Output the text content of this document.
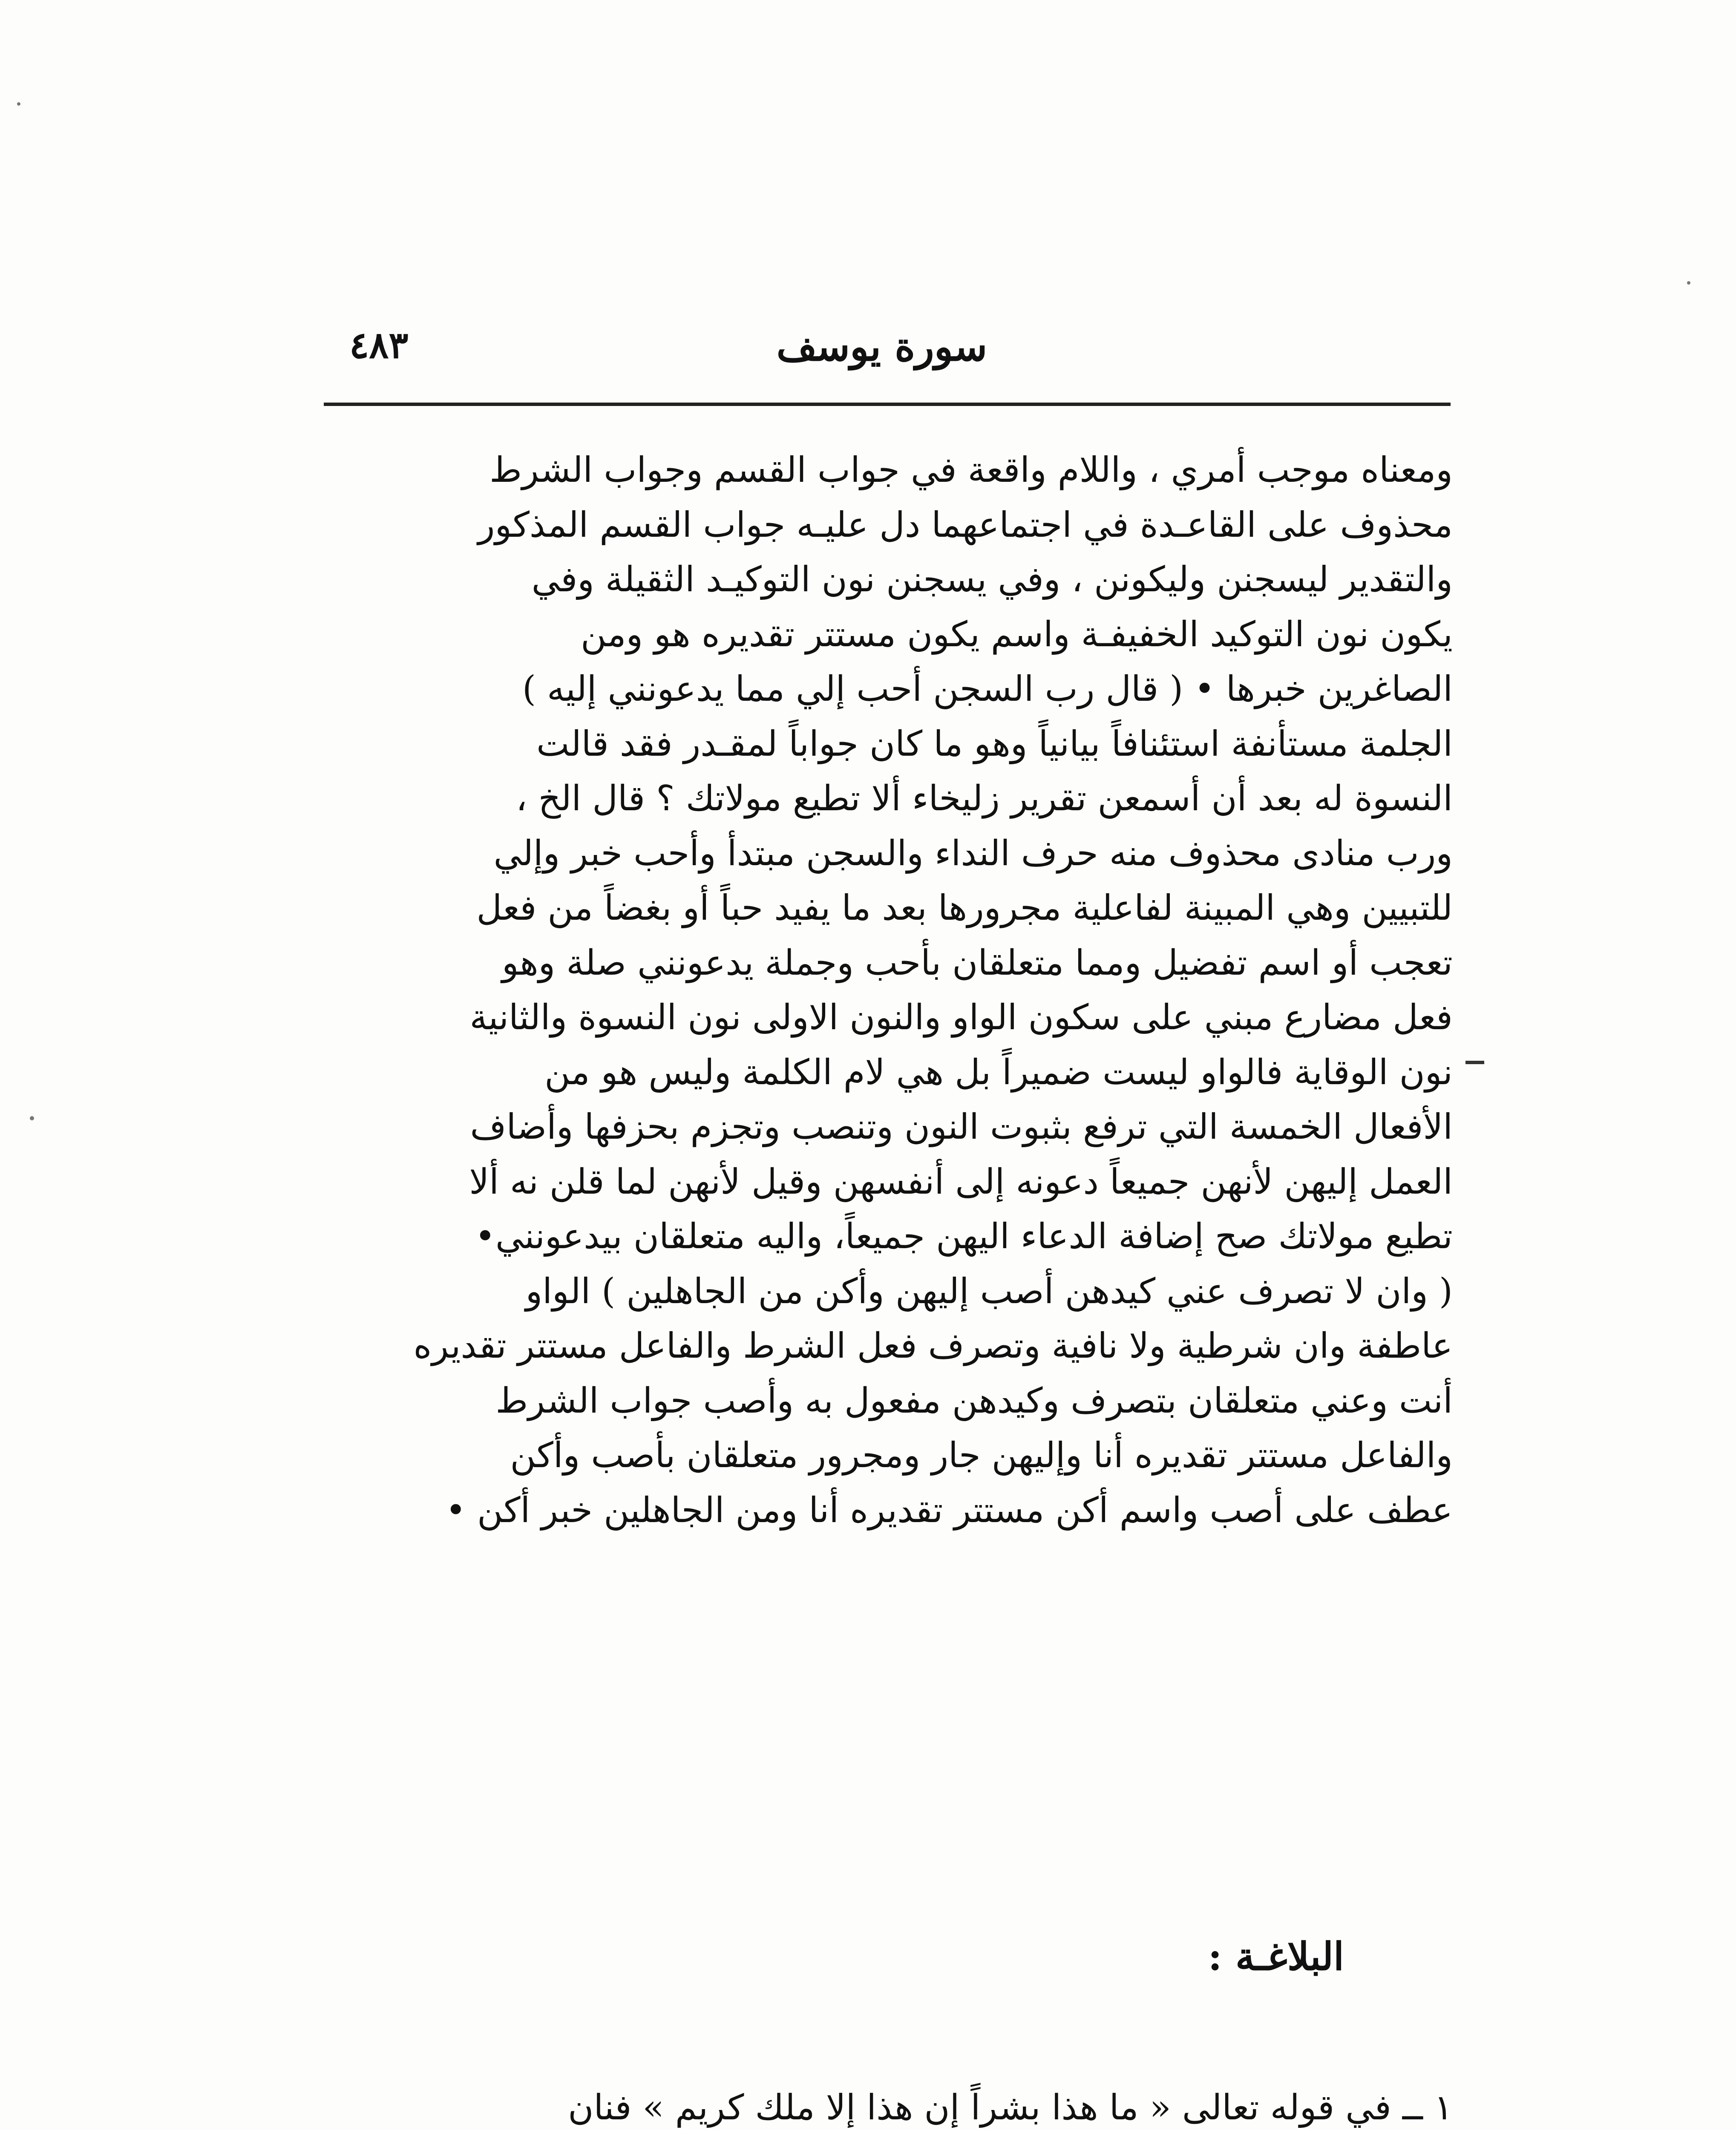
سورة يوسف
٤٨٣
ومعناه موجب أمري ، واللام واقعة في جواب القسم وجواب الشرط
محذوف على القاعـدة في اجتماعهما دل عليـه جواب القسم المذكور
والتقدير ليسجنن وليكونن ، وفي يسجنن نون التوكيـد الثقيلة وفي
يكون نون التوكيد الخفيفـة واسم يكون مستتر تقديره هو ومن
الصاغرين خبرها • ( قال رب السجن أحب إلي مما يدعونني إليه )
الجلمة مستأنفة استئنافاً بيانياً وهو ما كان جواباً لمقـدر فقد قالت
النسوة له بعد أن أسمعن تقرير زليخاء ألا تطيع مولاتك ؟ قال الخ ،
ورب منادى محذوف منه حرف النداء والسجن مبتدأ وأحب خبر وإلي
للتبيين وهي المبينة لفاعلية مجرورها بعد ما يفيد حباً أو بغضاً من فعل
تعجب أو اسم تفضيل ومما متعلقان بأحب وجملة يدعونني صلة وهو
فعل مضارع مبني على سكون الواو والنون الاولى نون النسوة والثانية
نون الوقاية فالواو ليست ضميراً بل هي لام الكلمة وليس هو من
الأفعال الخمسة التي ترفع بثبوت النون وتنصب وتجزم بحزفها وأضاف
العمل إليهن لأنهن جميعاً دعونه إلى أنفسهن وقيل لأنهن لما قلن نه ألا
تطيع مولاتك صح إضافة الدعاء اليهن جميعاً، واليه متعلقان بيدعونني•
( وان لا تصرف عني كيدهن أصب إليهن وأكن من الجاهلين ) الواو
عاطفة وان شرطية ولا نافية وتصرف فعل الشرط والفاعل مستتر تقديره
أنت وعني متعلقان بتصرف وكيدهن مفعول به وأصب جواب الشرط
والفاعل مستتر تقديره أنا وإليهن جار ومجرور متعلقان بأصب وأكن
عطف على أصب واسم أكن مستتر تقديره أنا ومن الجاهلين خبر أكن •
البلاغـة :
١ ــ في قوله تعالى « ما هذا بشراً إن هذا إلا ملك كريم » فنان
